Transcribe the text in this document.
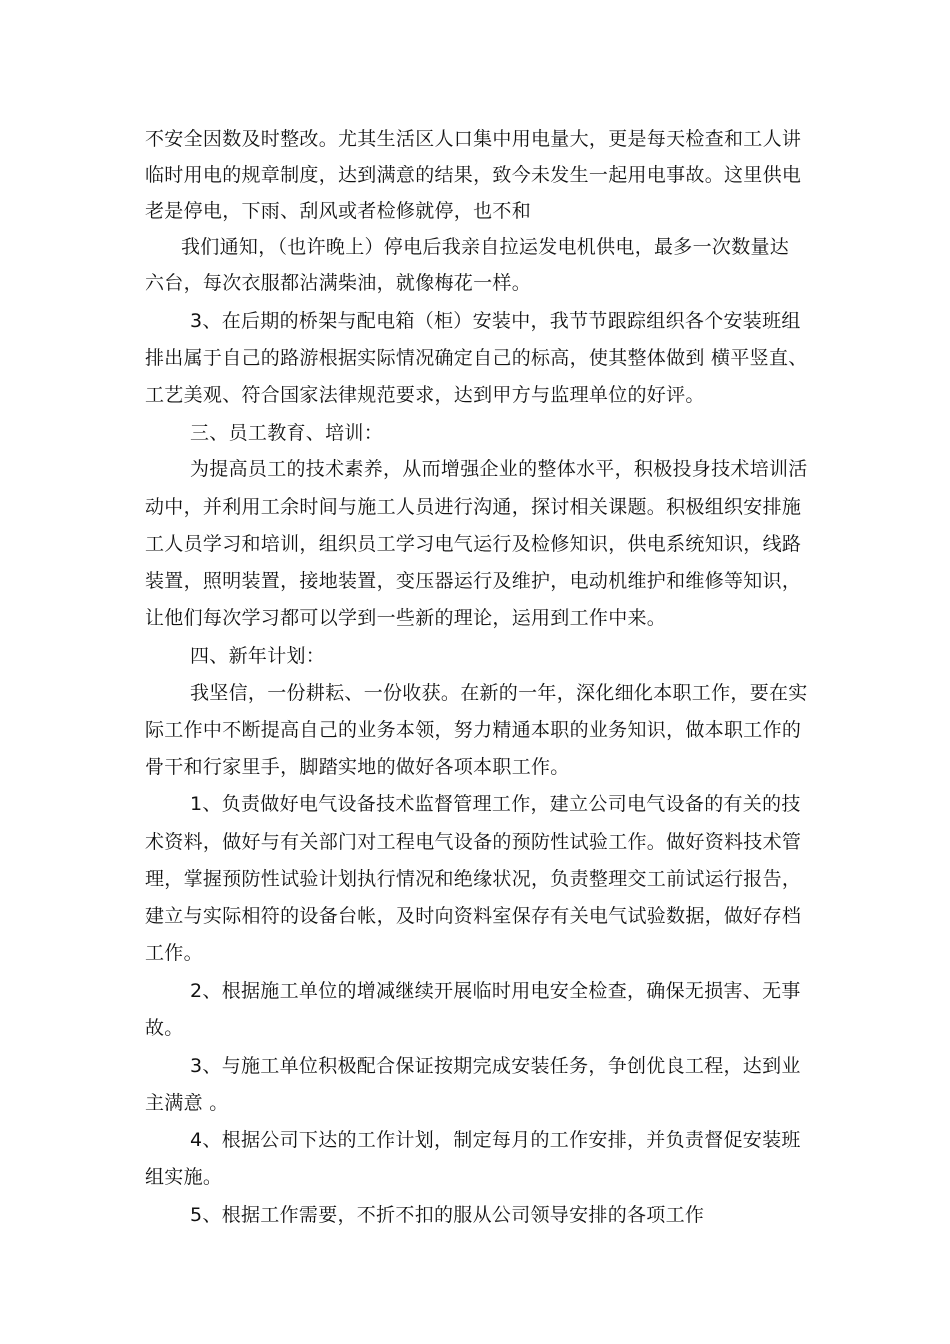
不安全因数及时整改。尤其生活区人口集中用电量大，更是每天检查和工人讲
临时用电的规章制度，达到满意的结果，致今未发生一起用电事故。这里供电
老是停电，下雨、刮风或者检修就停，也不和
我们通知，（也许晚上）停电后我亲自拉运发电机供电，最多一次数量达
六台，每次衣服都沾满柴油，就像梅花一样。
3、在后期的桥架与配电箱（柜）安装中，我节节跟踪组织各个安装班组
排出属于自己的路游根据实际情况确定自己的标高，使其整体做到 横平竖直、
工艺美观、符合国家法律规范要求，达到甲方与监理单位的好评。
三、员工教育、培训：
为提高员工的技术素养，从而增强企业的整体水平，积极投身技术培训活
动中，并利用工余时间与施工人员进行沟通，探讨相关课题。积极组织安排施
工人员学习和培训，组织员工学习电气运行及检修知识，供电系统知识，线路
装置，照明装置，接地装置，变压器运行及维护，电动机维护和维修等知识，
让他们每次学习都可以学到一些新的理论，运用到工作中来。
四、新年计划：
我坚信，一份耕耘、一份收获。在新的一年，深化细化本职工作，要在实
际工作中不断提高自己的业务本领，努力精通本职的业务知识，做本职工作的
骨干和行家里手，脚踏实地的做好各项本职工作。
1、负责做好电气设备技术监督管理工作，建立公司电气设备的有关的技
术资料，做好与有关部门对工程电气设备的预防性试验工作。做好资料技术管
理，掌握预防性试验计划执行情况和绝缘状况，负责整理交工前试运行报告，
建立与实际相符的设备台帐，及时向资料室保存有关电气试验数据，做好存档
工作。
2、根据施工单位的增减继续开展临时用电安全检查，确保无损害、无事
故。
3、与施工单位积极配合保证按期完成安装任务，争创优良工程，达到业
主满意 。
4、根据公司下达的工作计划，制定每月的工作安排，并负责督促安装班
组实施。
5、根据工作需要，不折不扣的服从公司领导安排的各项工作
